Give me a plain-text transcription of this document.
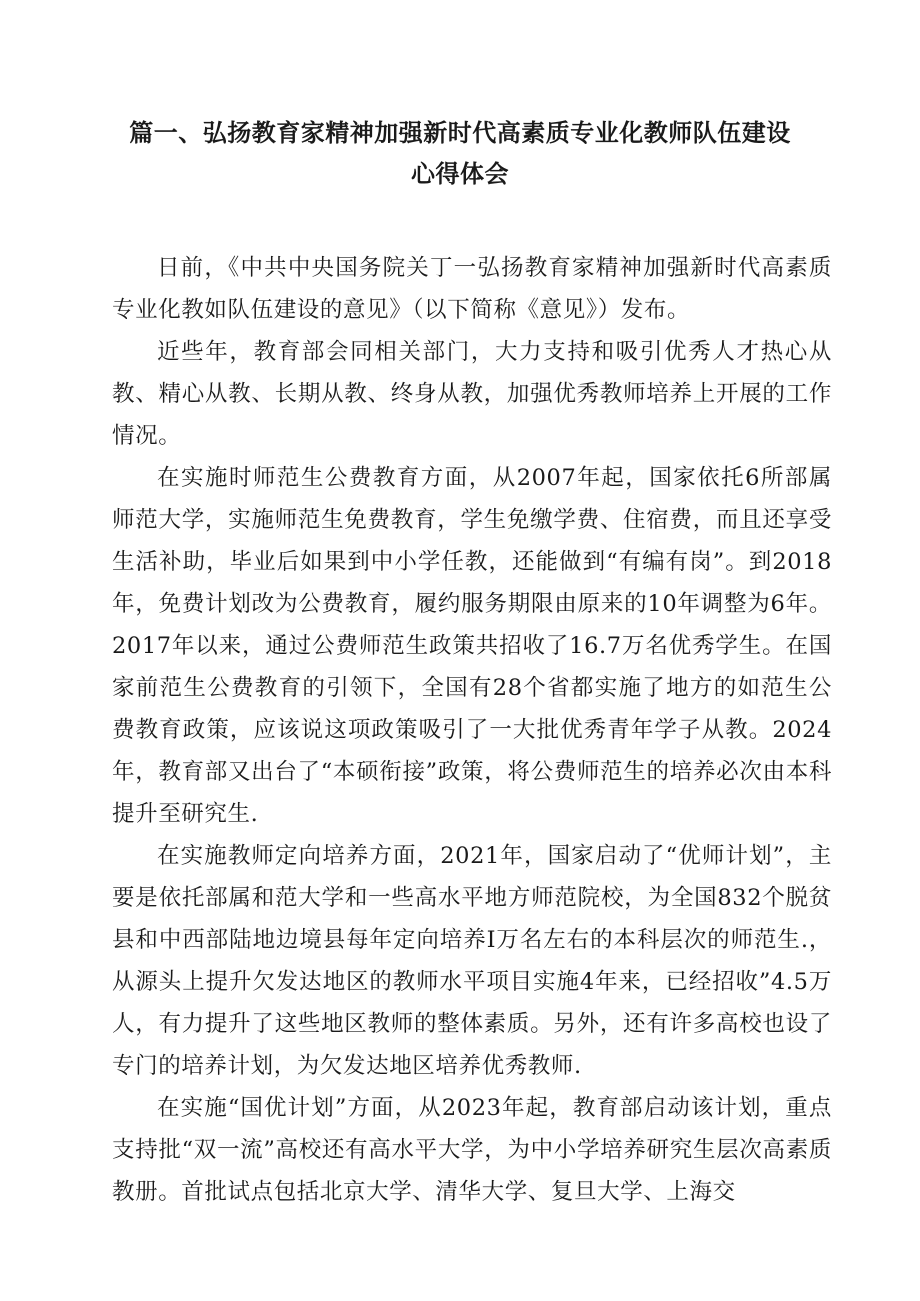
篇一、弘扬教育家精神加强新时代高素质专业化教师队伍建设
心得体会

日前，《中共中央国务院关丁一弘扬教育家精神加强新时代高素质专业化教如队伍建设的意见》（以下简称《意见》）发布。

近些年，教育部会同相关部门，大力支持和吸引优秀人才热心从教、精心从教、长期从教、终身从教，加强优秀教师培养上开展的工作情况。

在实施时师范生公费教育方面，从2007年起，国家依托6所部属师范大学，实施师范生免费教育，学生免缴学费、住宿费，而且还享受生活补助，毕业后如果到中小学任教，还能做到“有编有岗”。到2018年，免费计划改为公费教育，履约服务期限由原来的10年调整为6年。2017年以来，通过公费师范生政策共招收了16.7万名优秀学生。在国家前范生公费教育的引领下，全国有28个省都实施了地方的如范生公费教育政策，应该说这项政策吸引了一大批优秀青年学子从教。2024年，教育部又出台了“本硕衔接”政策，将公费师范生的培养必次由本科提升至研究生.

在实施教师定向培养方面，2021年，国家启动了“优师计划”，主要是依托部属和范大学和一些高水平地方师范院校，为全国832个脱贫县和中西部陆地边境县每年定向培养I万名左右的本科层次的师范生.，从源头上提升欠发达地区的教师水平项目实施4年来，已经招收”4.5万人，有力提升了这些地区教师的整体素质。另外，还有许多高校也设了专门的培养计划，为欠发达地区培养优秀教师.

在实施“国优计划”方面，从2023年起，教育部启动该计划，重点支持批“双一流”高校还有高水平大学，为中小学培养研究生层次高素质教册。首批试点包括北京大学、清华大学、复旦大学、上海交
